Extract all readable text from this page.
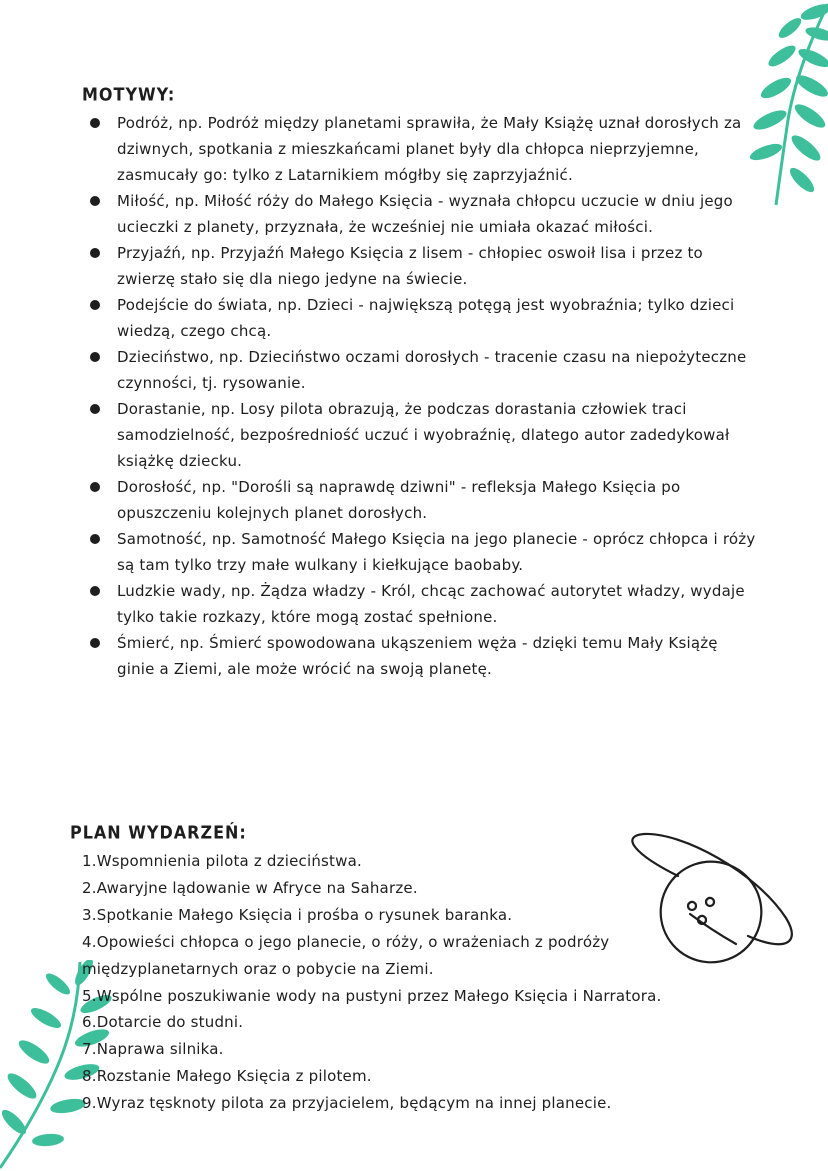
MOTYWY:
Podróż, np. Podróż między planetami sprawiła, że Mały Książę uznał dorosłych za dziwnych, spotkania z mieszkańcami planet były dla chłopca nieprzyjemne, zasmucały go: tylko z Latarnikiem mógłby się zaprzyjaźnić.
Miłość, np. Miłość róży do Małego Księcia - wyznała chłopcu uczucie w dniu jego ucieczki z planety, przyznała, że wcześniej nie umiała okazać miłości.
Przyjaźń, np. Przyjaźń Małego Księcia z lisem - chłopiec oswoił lisa i przez to zwierzę stało się dla niego jedyne na świecie.
Podejście do świata, np. Dzieci - największą potęgą jest wyobraźnia; tylko dzieci wiedzą, czego chcą.
Dzieciństwo, np. Dzieciństwo oczami dorosłych - tracenie czasu na niepożyteczne czynności, tj. rysowanie.
Dorastanie, np. Losy pilota obrazują, że podczas dorastania człowiek traci samodzielność, bezpośredniość uczuć i wyobraźnię, dlatego autor zadedykował książkę dziecku.
Dorosłość, np. "Dorośli są naprawdę dziwni" - refleksja Małego Księcia po opuszczeniu kolejnych planet dorosłych.
Samotność, np. Samotność Małego Księcia na jego planecie - oprócz chłopca i róży są tam tylko trzy małe wulkany i kiełkujące baobaby.
Ludzkie wady, np. Żądza władzy - Król, chcąc zachować autorytet władzy, wydaje tylko takie rozkazy, które mogą zostać spełnione.
Śmierć, np. Śmierć spowodowana ukąszeniem węża - dzięki temu Mały Książę ginie a Ziemi, ale może wrócić na swoją planetę.
PLAN WYDARZEŃ:
1.Wspomnienia pilota z dzieciństwa.
2.Awaryjne lądowanie w Afryce na Saharze.
3.Spotkanie Małego Księcia i prośba o rysunek baranka.
4.Opowieści chłopca o jego planecie, o róży, o wrażeniach z podróży międzyplanetarnych oraz o pobycie na Ziemi.
5.Wspólne poszukiwanie wody na pustyni przez Małego Księcia i Narratora.
6.Dotarcie do studni.
7.Naprawa silnika.
8.Rozstanie Małego Księcia z pilotem.
9.Wyraz tęsknoty pilota za przyjacielem, będącym na innej planecie.
